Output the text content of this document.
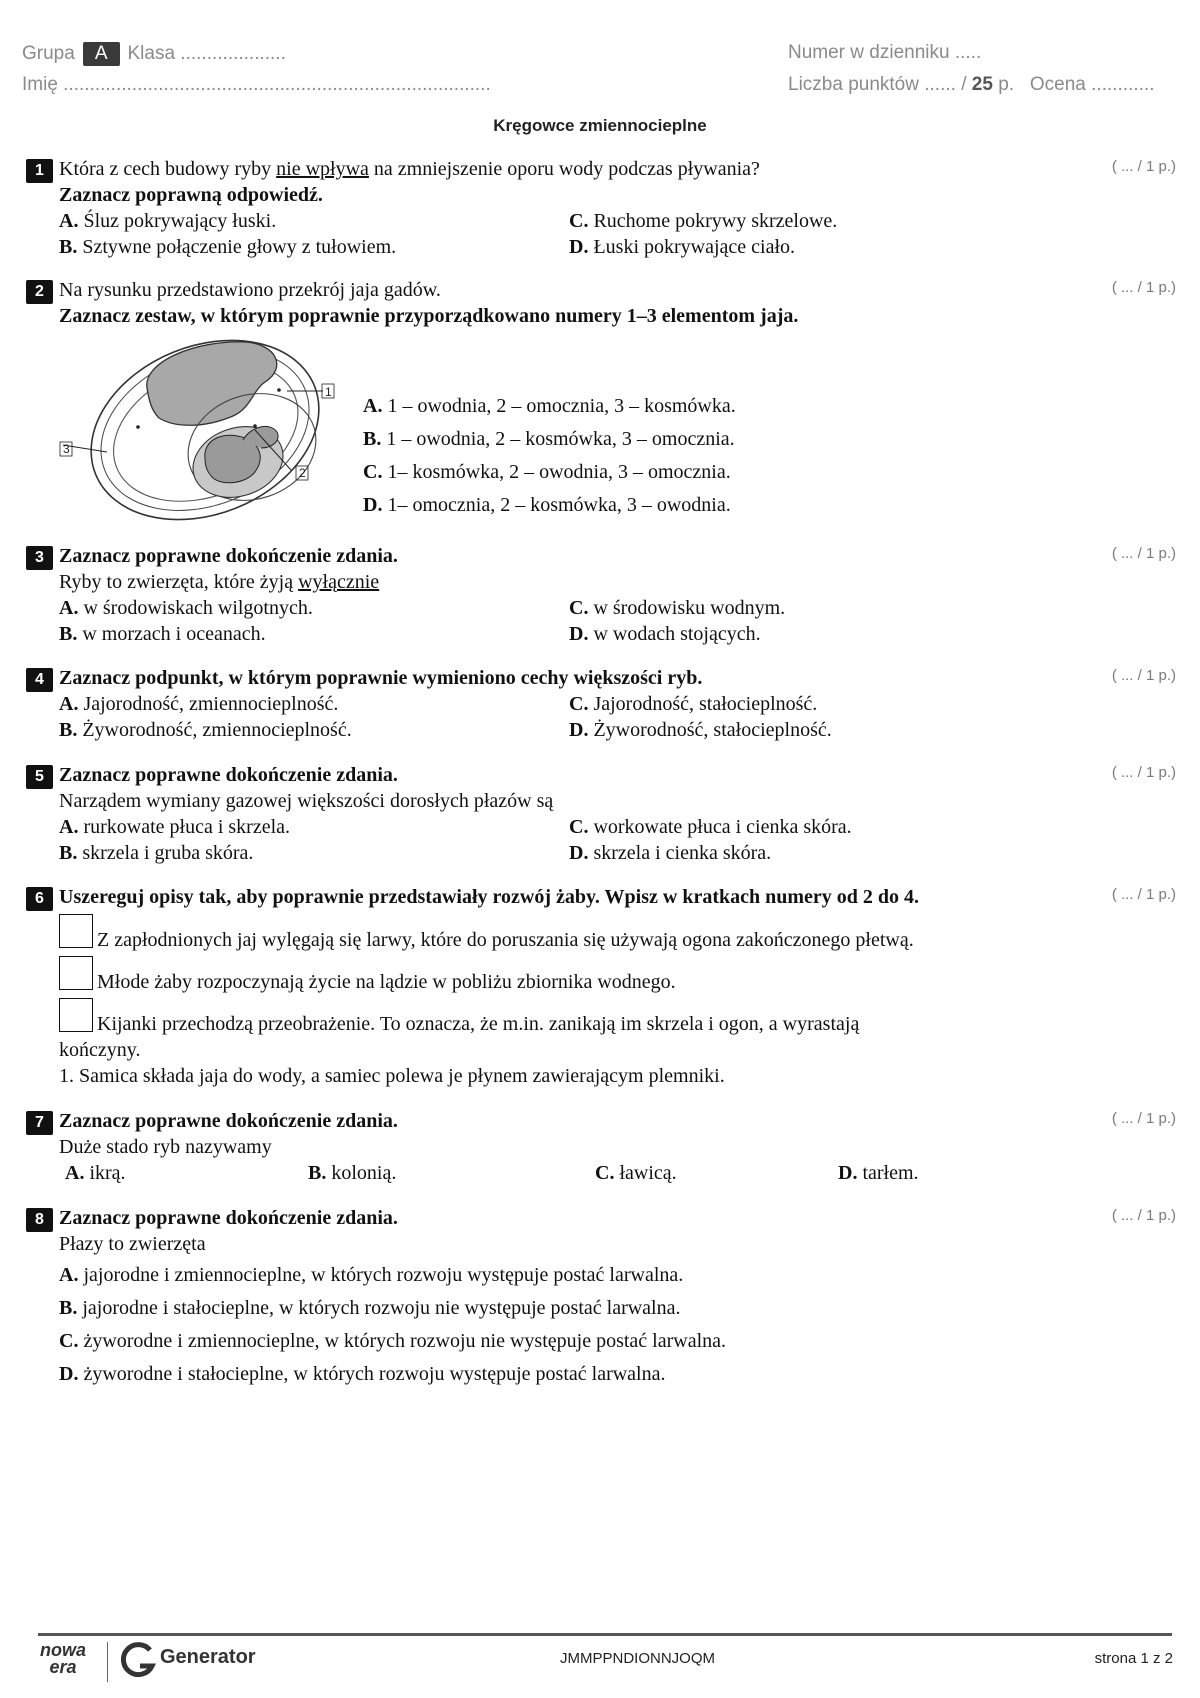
Grupa A Klasa ....................
Imię .................................................................................
Numer w dzienniku .....
Liczba punktów ...... / 25 p. Ocena ............
Kręgowce zmiennocieplne
1	( ... / 1 p.)
Która z cech budowy ryby nie wpływa na zmniejszenie oporu wody podczas pływania?
Zaznacz poprawną odpowiedź.
A. Śluz pokrywający łuski.	C. Ruchome pokrywy skrzelowe.
B. Sztywne połączenie głowy z tułowiem.	D. Łuski pokrywające ciało.
2	( ... / 1 p.)
Na rysunku przedstawiono przekrój jaja gadów.
Zaznacz zestaw, w którym poprawnie przyporządkowano numery 1–3 elementom jaja.
1
2
3
A. 1 – owodnia, 2 – omocznia, 3 – kosmówka.
B. 1 – owodnia, 2 – kosmówka, 3 – omocznia.
C. 1– kosmówka, 2 – owodnia, 3 – omocznia.
D. 1– omocznia, 2 – kosmówka, 3 – owodnia.
3	( ... / 1 p.)
Zaznacz poprawne dokończenie zdania.
Ryby to zwierzęta, które żyją wyłącznie
A. w środowiskach wilgotnych.	C. w środowisku wodnym.
B. w morzach i oceanach.	D. w wodach stojących.
4	( ... / 1 p.)
Zaznacz podpunkt, w którym poprawnie wymieniono cechy większości ryb.
A. Jajorodność, zmiennocieplność.	C. Jajorodność, stałocieplność.
B. Żyworodność, zmiennocieplność.	D. Żyworodność, stałocieplność.
5	( ... / 1 p.)
Zaznacz poprawne dokończenie zdania.
Narządem wymiany gazowej większości dorosłych płazów są
A. rurkowate płuca i skrzela.	C. workowate płuca i cienka skóra.
B. skrzela i gruba skóra.	D. skrzela i cienka skóra.
6	( ... / 1 p.)
Uszereguj opisy tak, aby poprawnie przedstawiały rozwój żaby. Wpisz w kratkach numery od 2 do 4.
Z zapłodnionych jaj wylęgają się larwy, które do poruszania się używają ogona zakończonego płetwą.
Młode żaby rozpoczynają życie na lądzie w pobliżu zbiornika wodnego.
Kijanki przechodzą przeobrażenie. To oznacza, że m.in. zanikają im skrzela i ogon, a wyrastają
kończyny.
1. Samica składa jaja do wody, a samiec polewa je płynem zawierającym plemniki.
7	( ... / 1 p.)
Zaznacz poprawne dokończenie zdania.
Duże stado ryb nazywamy
A. ikrą.	B. kolonią.	C. ławicą.	D. tarłem.
8	( ... / 1 p.)
Zaznacz poprawne dokończenie zdania.
Płazy to zwierzęta
A. jajorodne i zmiennocieplne, w których rozwoju występuje postać larwalna.
B. jajorodne i stałocieplne, w których rozwoju nie występuje postać larwalna.
C. żyworodne i zmiennocieplne, w których rozwoju nie występuje postać larwalna.
D. żyworodne i stałocieplne, w których rozwoju występuje postać larwalna.
nowa
era	Generator	JMMPPNDIONNJOQM	strona 1 z 2
